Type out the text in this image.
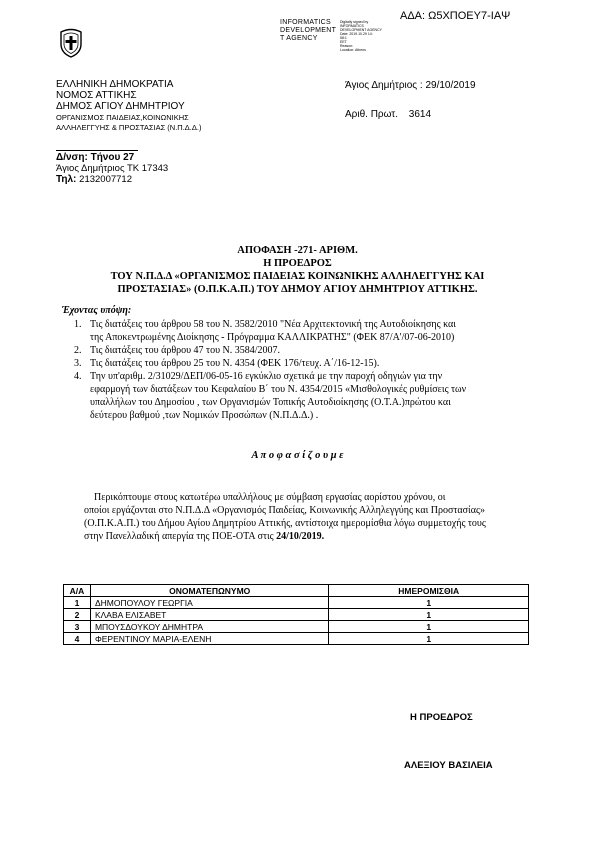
ΑΔΑ: Ω5ΧΠΟΕΥ7-ΙΑΨ
INFORMATICS
DEVELOPMENT
T AGENCY
Digitally signed by
INFORMATICS
DEVELOPMENT AGENCY
Date: 2019.10.29 14:
58:1
EET
Reason:
Location: Athens
ΕΛΛΗΝΙΚΗ ΔΗΜΟΚΡΑΤΙΑ
ΝΟΜΟΣ ΑΤΤΙΚΗΣ
ΔΗΜΟΣ ΑΓΙΟΥ ΔΗΜΗΤΡΙΟΥ
ΟΡΓΑΝΙΣΜΟΣ ΠΑΙΔΕΙΑΣ,ΚΟΙΝΩΝΙΚΗΣ
ΑΛΛΗΛΕΓΓΥΗΣ & ΠΡΟΣΤΑΣΙΑΣ (Ν.Π.Δ.Δ.)
Άγιος Δημήτριος : 29/10/2019
Αριθ. Πρωτ. 3614
Δ/νση: Τήνου 27
Άγιος Δημήτριος ΤΚ 17343
Τηλ: 2132007712
ΑΠΟΦΑΣΗ -271- ΑΡΙΘΜ.
Η ΠΡΟΕΔΡΟΣ
ΤΟΥ Ν.Π.Δ.Δ «ΟΡΓΑΝΙΣΜΟΣ ΠΑΙΔΕΙΑΣ ΚΟΙΝΩΝΙΚΗΣ ΑΛΛΗΛΕΓΓΥΗΣ ΚΑΙ
ΠΡΟΣΤΑΣΙΑΣ» (Ο.Π.Κ.Α.Π.) ΤΟΥ ΔΗΜΟΥ ΑΓΙΟΥ ΔΗΜΗΤΡΙΟΥ ΑΤΤΙΚΗΣ.
Έχοντας υπόψη:
1. Τις διατάξεις του άρθρου 58 του Ν. 3582/2010 "Νέα Αρχιτεκτονική της Αυτοδιοίκησης και
της Αποκεντρωμένης Διοίκησης - Πρόγραμμα ΚΑΛΛΙΚΡΑΤΗΣ" (ΦΕΚ 87/Α'/07-06-2010)
2. Τις διατάξεις του άρθρου 47 του Ν. 3584/2007.
3. Τις διατάξεις του άρθρου 25 του Ν. 4354 (ΦΕΚ 176/τευχ. Α΄/16-12-15).
4. Την υπ'αριθμ. 2/31029/ΔΕΠ/06-05-16 εγκύκλιο σχετικά με την παροχή οδηγιών για την
εφαρμογή των διατάξεων του Κεφαλαίου Β΄ του Ν. 4354/2015 «Μισθολογικές ρυθμίσεις των
υπαλλήλων του Δημοσίου , των Οργανισμών Τοπικής Αυτοδιοίκησης (Ο.Τ.Α.)πρώτου και
δεύτερου βαθμού ,των Νομικών Προσώπων (Ν.Π.Δ.Δ.) .
Α π ο φ α σ ί ζ ο υ μ ε
Περικόπτουμε στους κατωτέρω υπαλλήλους με σύμβαση εργασίας αορίστου χρόνου, οι
οποίοι εργάζονται στο Ν.Π.Δ.Δ «Οργανισμός Παιδείας, Κοινωνικής Αλληλεγγύης και Προστασίας»
(Ο.Π.Κ.Α.Π.) του Δήμου Αγίου Δημητρίου Αττικής, αντίστοιχα ημερομίσθια λόγω συμμετοχής τους
στην Πανελλαδική απεργία της ΠΟΕ-ΟΤΑ στις 24/10/2019.
Α/Α	ΟΝΟΜΑΤΕΠΩΝΥΜΟ	ΗΜΕΡΟΜΙΣΘΙΑ
1	ΔΗΜΟΠΟΥΛΟΥ ΓΕΩΡΓΙΑ	1
2	ΚΛΑΒΑ ΕΛΙΣΑΒΕΤ	1
3	ΜΠΟΥΣΔΟΥΚΟΥ ΔΗΜΗΤΡΑ	1
4	ΦΕΡΕΝΤΙΝΟΥ ΜΑΡΙΑ-ΕΛΕΝΗ	1
Η ΠΡΟΕΔΡΟΣ
ΑΛΕΞΙΟΥ ΒΑΣΙΛΕΙΑ
